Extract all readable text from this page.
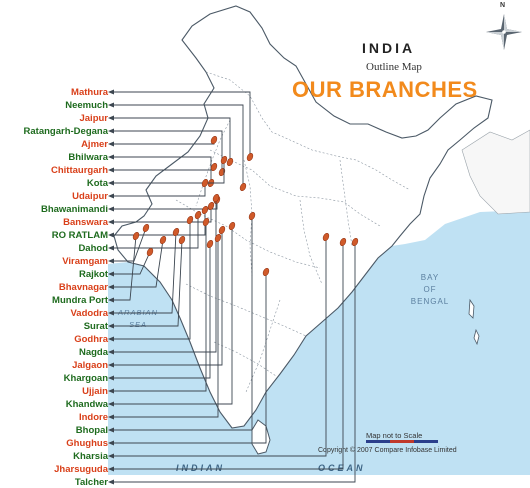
INDIA
Outline Map
OUR BRANCHES
N
ARABIAN
SEA
BAY
OF
BENGAL
INDIAN	OCEAN
Map not to Scale
Copyright © 2007 Compare Infobase Limited
Mathura
Neemuch
Jaipur
Ratangarh-Degana
Ajmer
Bhilwara
Chittaurgarh
Kota
Udaipur
Bhawanimandi
Banswara
RO RATLAM
Dahod
Viramgam
Rajkot
Bhavnagar
Mundra Port
Vadodra
Surat
Godhra
Nagda
Jalgaon
Khargoan
Ujjain
Khandwa
Indore
Bhopal
Ghughus
Kharsia
Jharsuguda
Talcher
